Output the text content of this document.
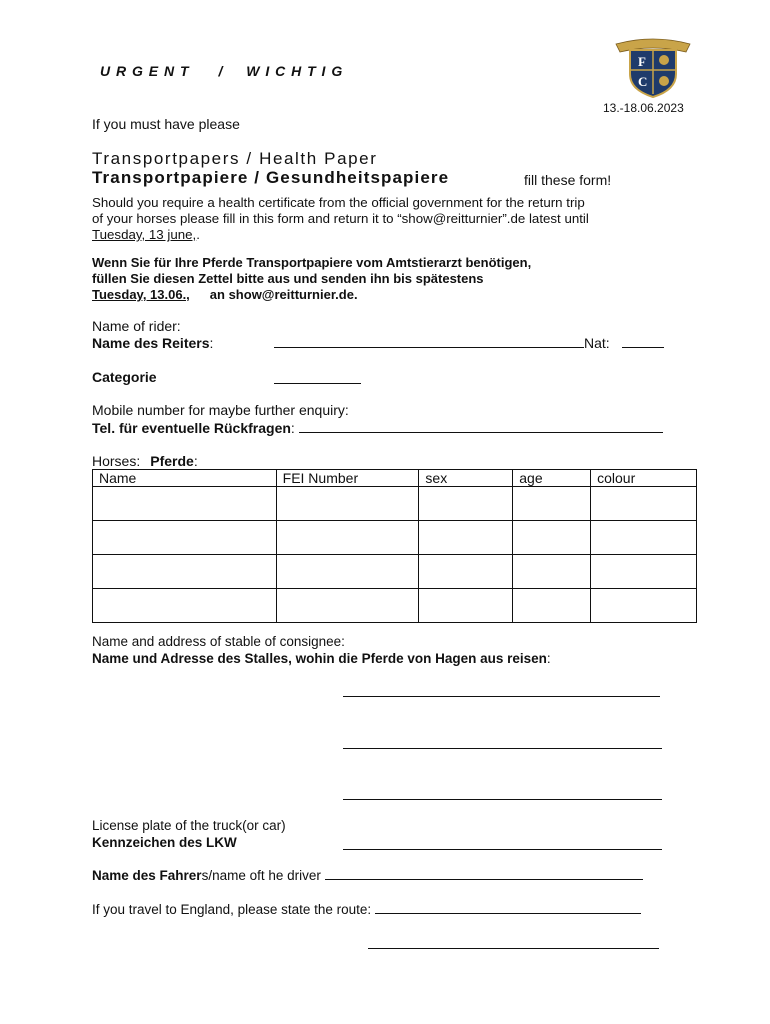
U R G E N T / W I C H T I G
F
C
13.-18.06.2023
If you must have please
Transportpapers / Health Paper
Transportpapiere / Gesundheitspapiere	fill these form!
Should you require a health certificate from the official government for the return trip
of your horses please fill in this form and return it to “show@reitturnier”.de latest until
Tuesday, 13 june,.
Wenn Sie für Ihre Pferde Transportpapiere vom Amtstierarzt benötigen,
füllen Sie diesen Zettel bitte aus und senden ihn bis spätestens
Tuesday, 13.06., an show@reitturnier.de.
Name of rider:
Name des Reiters:	Nat:
Categorie
Mobile number for maybe further enquiry:
Tel. für eventuelle Rückfragen:
Horses: Pferde:
Name	FEI Number	sex	age	colour

Name and address of stable of consignee:
Name und Adresse des Stalles, wohin die Pferde von Hagen aus reisen:
License plate of the truck(or car)
Kennzeichen des LKW
Name des Fahrers/name oft he driver
If you travel to England, please state the route:
